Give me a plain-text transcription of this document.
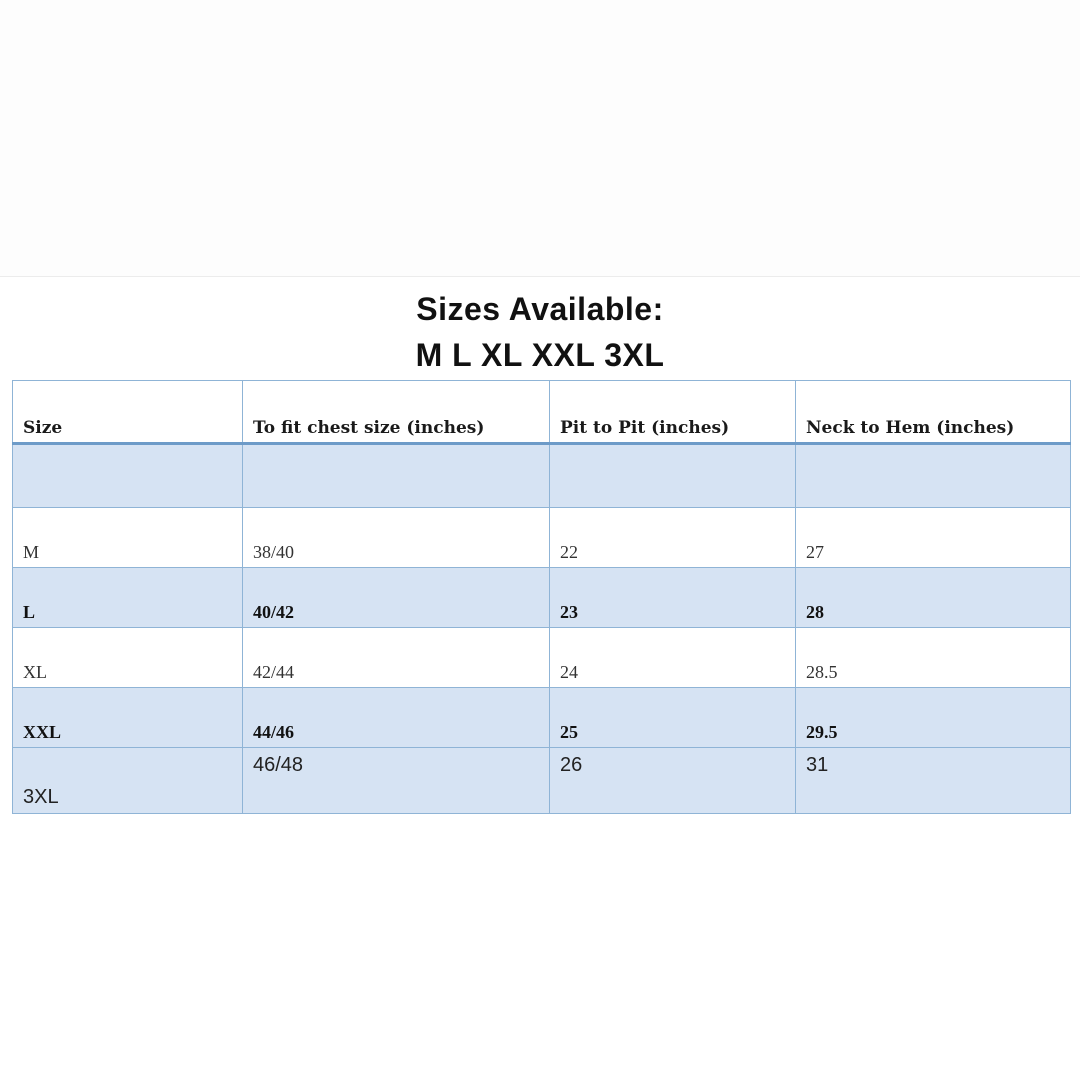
Sizes Available:
M L XL XXL 3XL
Size	To fit chest size (inches)	Pit to Pit (inches)	Neck to Hem (inches)

M	38/40	22	27
L	40/42	23	28
XL	42/44	24	28.5
XXL	44/46	25	29.5
3XL	46/48	26	31
